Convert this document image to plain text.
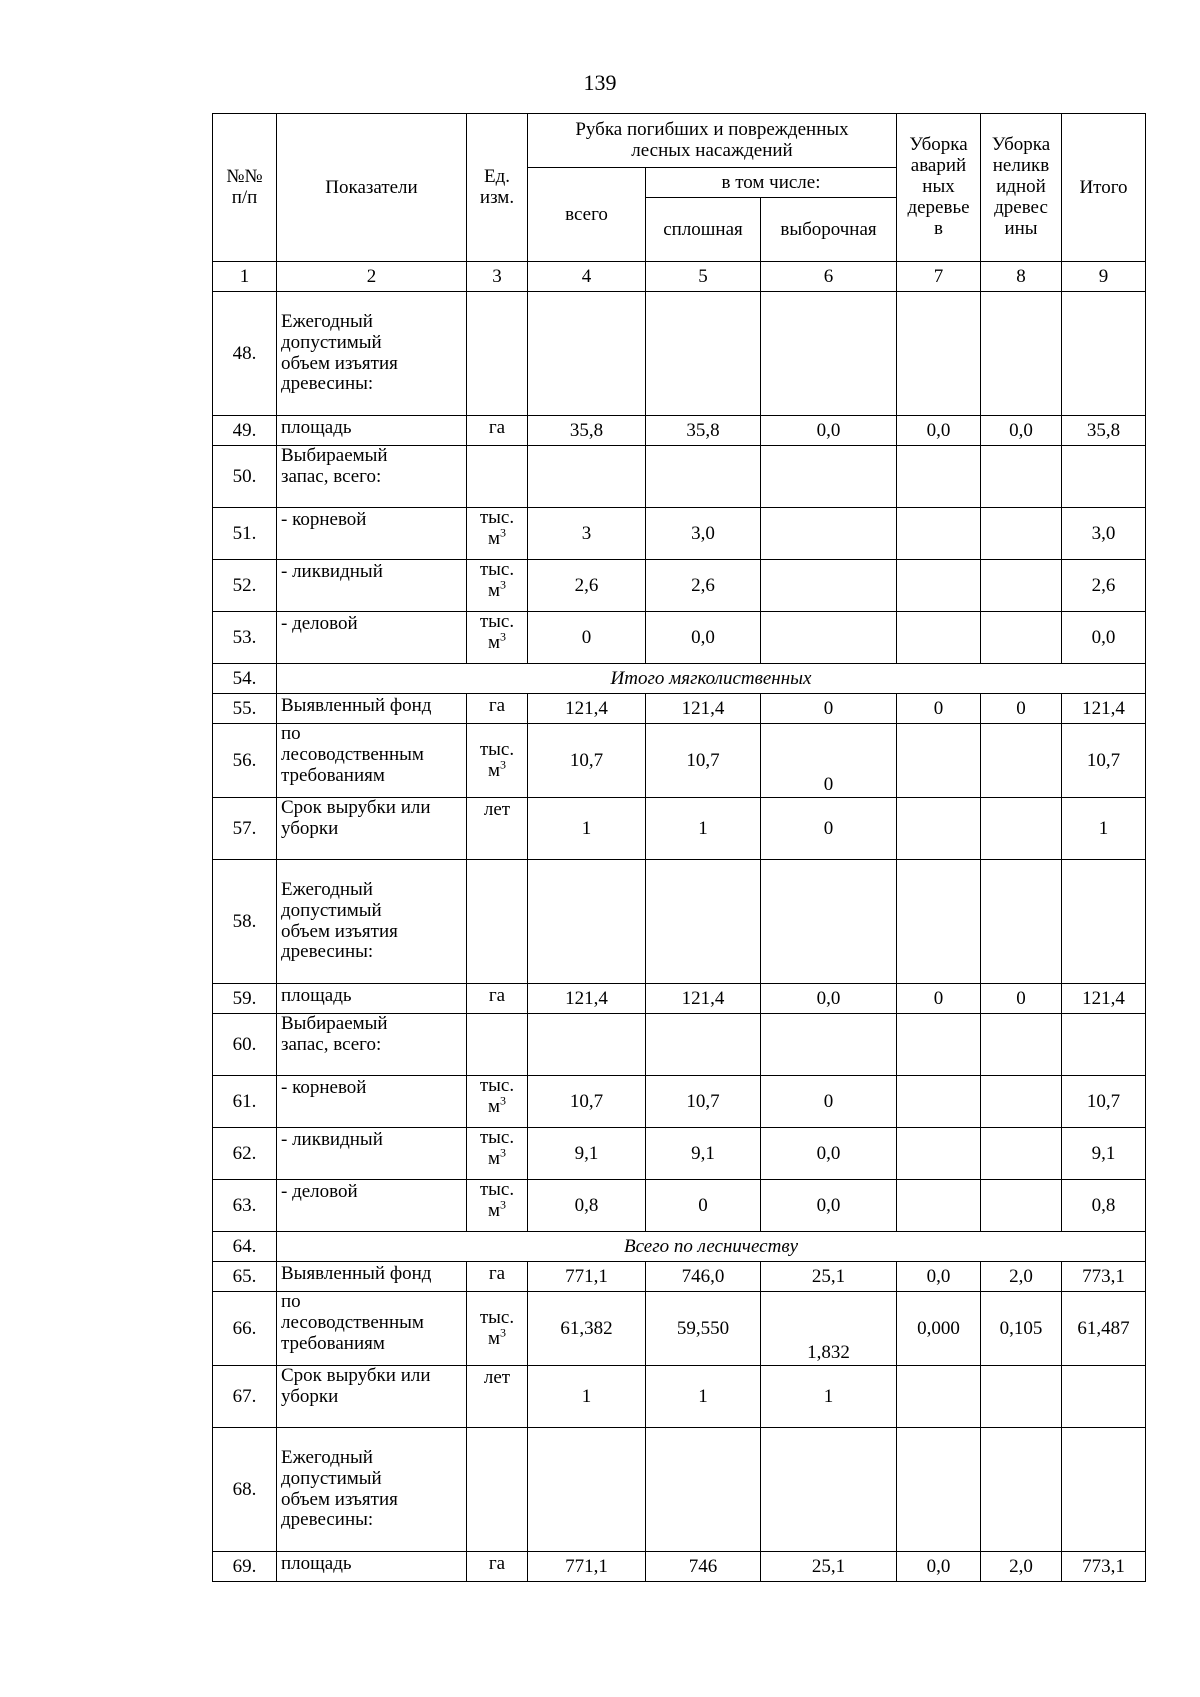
139
№№
п/п	Показатели	Ед.
изм.	Рубка погибших и поврежденных
лесных насаждений			Уборка
аварий
ных
деревье
в	Уборка
неликв
идной
древес
ины	Итого
			всего	в том числе:				
				сплошная	выборочная			
1	2	3	4	5	6	7	8	9
48.	Ежегодный
допустимый
объем изъятия
древесины:							

49.	площадь	га	35,8	35,8	0,0	0,0	0,0	35,8
50.	Выбираемый
запас, всего:							

51.	- корневой	тыс.
$м^3$	3	3,0				3,0
52.	- ликвидный	тыс.
$м^3$	2,6	2,6				2,6
53.	- деловой	тыс.
$м^3$	0	0,0				0,0
54.	Итого мягколиственных							
55.	Выявленный фонд	га	121,4	121,4	0	0	0	121,4
56.	по
лесоводственным
требованиям	тыс.
$м^3$	10,7	10,7	0			10,7
57.	Срок вырубки или
уборки	лет	1	1	0			1
58.	Ежегодный
допустимый
объем изъятия
древесины:							

59.	площадь	га	121,4	121,4	0,0	0	0	121,4
60.	Выбираемый
запас, всего:							

61.	- корневой	тыс.
$м^3$	10,7	10,7	0			10,7
62.	- ликвидный	тыс.
$м^3$	9,1	9,1	0,0			9,1
63.	- деловой	тыс.
$м^3$	0,8	0	0,0			0,8
64.	Всего по лесничеству							
65.	Выявленный фонд	га	771,1	746,0	25,1	0,0	2,0	773,1
66.	по
лесоводственным
требованиям	тыс.
$м^3$	61,382	59,550	1,832	0,000	0,105	61,487
67.	Срок вырубки или
уборки	лет	1	1	1			
68.	Ежегодный
допустимый
объем изъятия
древесины:							

69.	площадь	га	771,1	746	25,1	0,0	2,0	773,1
